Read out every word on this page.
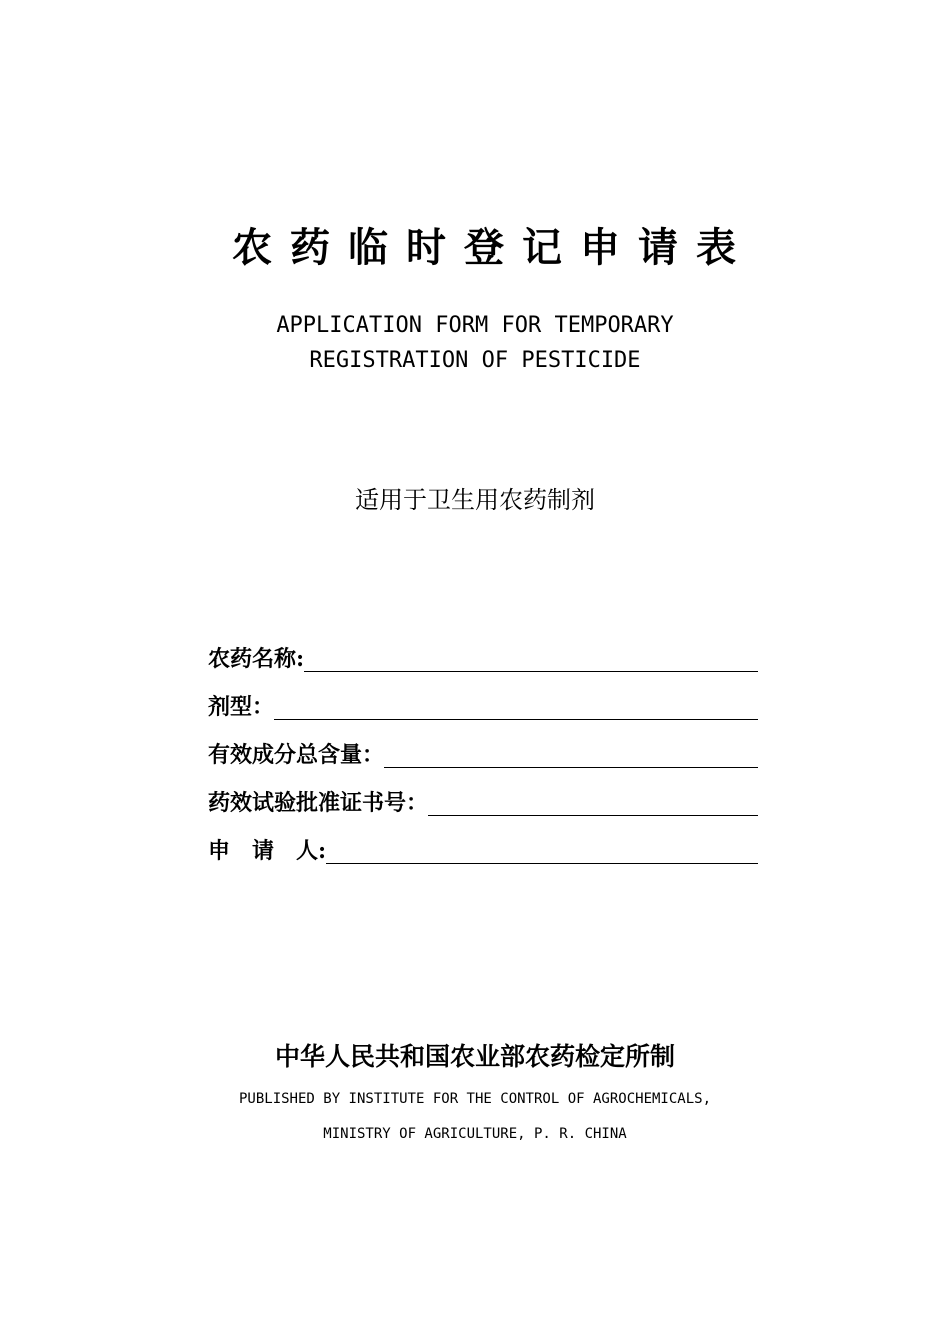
农药临时登记申请表
APPLICATION FORM FOR TEMPORARY
REGISTRATION OF PESTICIDE
适用于卫生用农药制剂
农药名称:
剂型：
有效成分总含量：
药效试验批准证书号：
申　请　人:
中华人民共和国农业部农药检定所制
PUBLISHED BY INSTITUTE FOR THE CONTROL OF AGROCHEMICALS,
MINISTRY OF AGRICULTURE, P. R. CHINA
